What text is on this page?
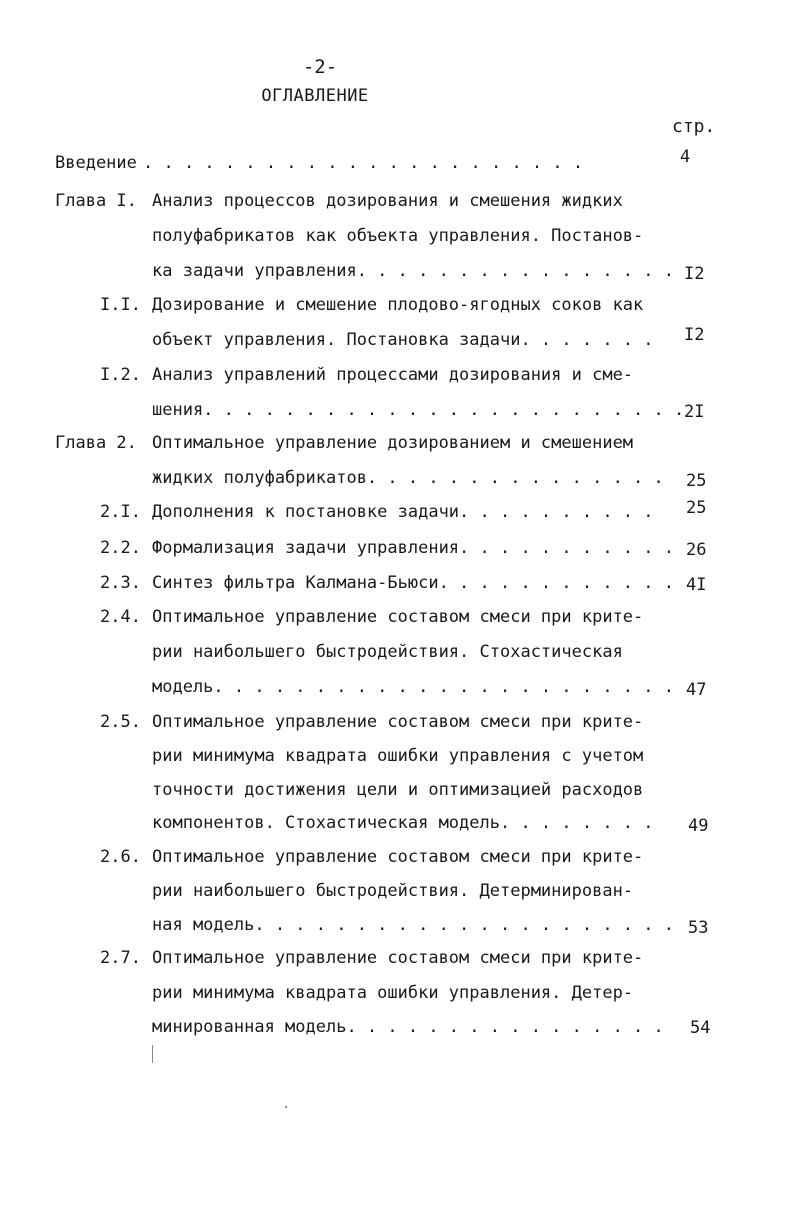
-2-
ОГЛАВЛЕНИЕ
стр.
Введение . . . . . . . . . . . . . . . . . . . . . .	4
Глава I. Анализ процессов дозирования и смешения жидких
полуфабрикатов как объекта управления. Постанов-
ка задачи управления. . . . . . . . . . . . . . . . I2
I.I. Дозирование и смешение плодово-ягодных соков как
объект управления. Постановка задачи. . . . . . . I2
I.2. Анализ управлений процессами дозирования и сме-
шения. . . . . . . . . . . . . . . . . . . . . . . . 2I
Глава 2. Оптимальное управление дозированием и смешением
жидких полуфабрикатов. . . . . . . . . . . . . . . 25
2.I. Дополнения к постановке задачи. . . . . . . . . . 25
2.2. Формализация задачи управления. . . . . . . . . . . 26
2.3. Синтез фильтра Калмана-Бьюси. . . . . . . . . . . . 4I
2.4. Оптимальное управление составом смеси при крите-
рии наибольшего быстродействия. Стохастическая
модель. . . . . . . . . . . . . . . . . . . . . . . 47
2.5. Оптимальное управление составом смеси при крите-
рии минимума квадрата ошибки управления с учетом
точности достижения цели и оптимизацией расходов
компонентов. Стохастическая модель. . . . . . . . 49
2.6. Оптимальное управление составом смеси при крите-
рии наибольшего быстродействия. Детерминирован-
ная модель. . . . . . . . . . . . . . . . . . . . . 53
2.7. Оптимальное управление составом смеси при крите-
рии минимума квадрата ошибки управления. Детер-
минированная модель. . . . . . . . . . . . . . . . 54
